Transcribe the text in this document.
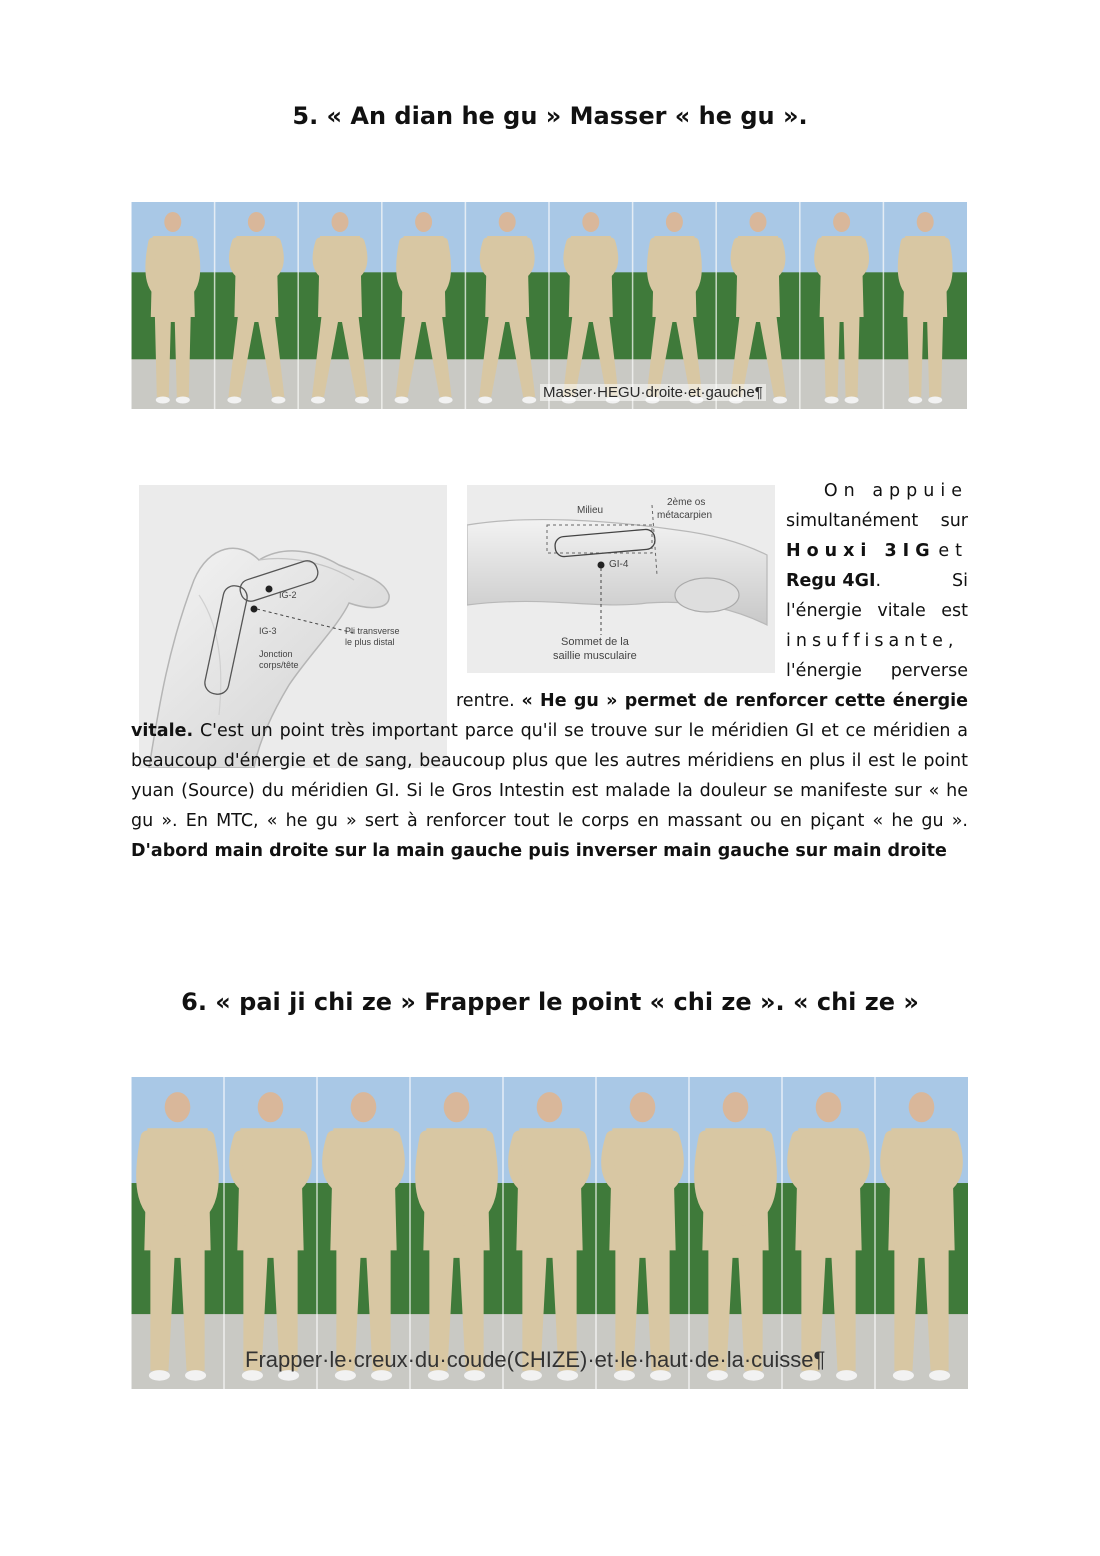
5. « An dian he gu » Masser « he gu ».
Masser·HEGU·droite·et·gauche¶
IG-2
IG-3
Jonction
corps/tête
Pli transverse
le plus distal
Milieu
2ème os
métacarpien
GI-4
Sommet de la
saillie musculaire
On appuie
simultanément sur
Houxi 3IG et
Regu 4GI.	Si
l'énergie vitale est
insuffisante,
l'énergie perverse
rentre. « He gu » permet de renforcer cette énergie vitale. C'est un point très important parce qu'il se trouve sur le méridien GI et ce méridien a beaucoup d'énergie et de sang, beaucoup plus que les autres méridiens en plus il est le point yuan (Source) du méridien GI. Si le Gros Intestin est malade la douleur se manifeste sur « he gu ». En MTC, « he gu » sert à renforcer tout le corps en massant ou en piçant « he gu ». D'abord main droite sur la main gauche puis inverser main gauche sur main droite
6. « pai ji chi ze » Frapper le point « chi ze ». « chi ze »
Frapper·le·creux·du·coude(CHIZE)·et·le·haut·de·la·cuisse¶
